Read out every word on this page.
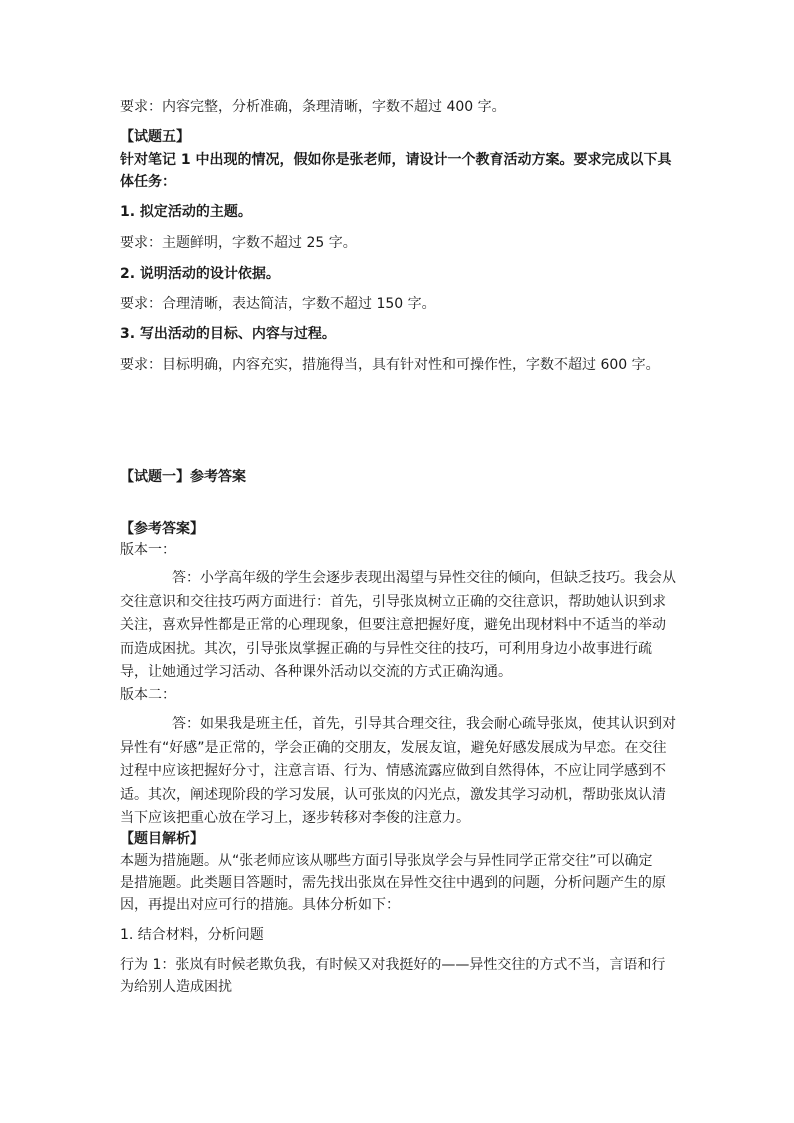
要求：内容完整，分析准确，条理清晰，字数不超过 400 字。
【试题五】
针对笔记 1 中出现的情况，假如你是张老师，请设计一个教育活动方案。要求完成以下具
体任务：
1. 拟定活动的主题。
要求：主题鲜明，字数不超过 25 字。
2. 说明活动的设计依据。
要求：合理清晰，表达简洁，字数不超过 150 字。
3. 写出活动的目标、内容与过程。
要求：目标明确，内容充实，措施得当，具有针对性和可操作性，字数不超过 600 字。
【试题一】参考答案
【参考答案】
版本一：
答：小学高年级的学生会逐步表现出渴望与异性交往的倾向，但缺乏技巧。我会从交往意识和交往技巧两方面进行：首先，引导张岚树立正确的交往意识，帮助她认识到求关注，喜欢异性都是正常的心理现象，但要注意把握好度，避免出现材料中不适当的举动而造成困扰。其次，引导张岚掌握正确的与异性交往的技巧，可利用身边小故事进行疏导，让她通过学习活动、各种课外活动以交流的方式正确沟通。
版本二：
答：如果我是班主任，首先，引导其合理交往，我会耐心疏导张岚，使其认识到对异性有“好感”是正常的，学会正确的交朋友，发展友谊，避免好感发展成为早恋。在交往过程中应该把握好分寸，注意言语、行为、情感流露应做到自然得体，不应让同学感到不适。其次，阐述现阶段的学习发展，认可张岚的闪光点，激发其学习动机，帮助张岚认清当下应该把重心放在学习上，逐步转移对李俊的注意力。
【题目解析】
本题为措施题。从“张老师应该从哪些方面引导张岚学会与异性同学正常交往”可以确定
是措施题。此类题目答题时，需先找出张岚在异性交往中遇到的问题，分析问题产生的原
因，再提出对应可行的措施。具体分析如下：
1. 结合材料，分析问题
行为 1：张岚有时候老欺负我，有时候又对我挺好的——异性交往的方式不当，言语和行
为给别人造成困扰
